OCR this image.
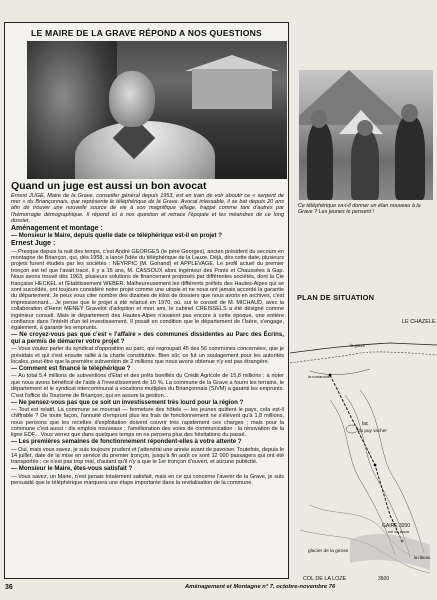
LE MAIRE DE LA GRAVE RÉPOND A NOS QUESTIONS

Quand un juge est aussi un bon avocat

Ernest JUGE, Maire de la Grave, conseiller général depuis 1953, est en train de voir aboutir ce « serpent de mer » du Briançonnais, que représente le téléphérique de la Grave. Avocat inlassable, il se bat depuis 20 ans afin de trouver une nouvelle source de vie à son magnifique village, frappé comme tant d'autres par l'hémorragie démographique. Il répond ici à nos question et retrace l'épopée et les méandres de ce long dossier.

Aménagement et montage :

— Monsieur le Maire, depuis quelle date ce téléphérique est-il en projet ?

Ernest Juge :

— Presque depuis la nuit des temps, c'est André GEORGES (le père Georges), ancien président du secours en montagne de Briançon, qui, dès 1958, a lancé l'idée du téléphérique de la Lauze. Déjà, dès cette date, plusieurs projets furent étudiés par les sociétés : NEYRPIC (M. Goirand) et APPLEVAGE. Le profil actuel du premier tronçon est tel que l'avait tracé, il y a 15 ans, M. CASSOUX alors ingénieur des Ponts et Chaussées à Gap. Nous avons trouvé dès 1963, plusieurs solutions de financement proposés par différentes sociétés, dont la Cie française HECKEL et l'Etablissement WEBER. Malheureusement les différents préfets des Hautes-Alpes qui se sont succédés, ont toujours considéré notre projet comme une utopie et ne nous ont jamais accordé la garantie du département. Je peux vous citer nombre des dizaines de kilos de dossiers que nous avons en archives, c'est impressionnant... Je pense que le projet a été relancé en 1970, où, sur le conseil de M. MICHAUD, avec la collaboration d'Henri MENEY Gravelot d'adoption et mon ami, le cabinet CREISSELS a été désigné comme ingénieur conseil. Mais le département des Hautes-Alpes n'avaient pas encore à cette époque, une entière confiance dans l'intérêt d'un tel investissement. Il posait en condition que le département de l'Isère, s'engage, également, à garantir les emprunts.

— Ne croyez-vous pas que c'est « l'affaire » des communes dissidentes au Parc des Écrins, qui a permis de démarrer votre projet ?

— Vous voulez parler du syndicat d'opposition au parc, qui regroupait 45 des 56 communes concernées, que je présidais et qui s'est ensuite rallié à la charte constitutive. Bien sûr, ce fut un soulagement pour les autorités locales, peut-être que la première subvention de 2 millions que nous avons obtenue n'y est pas étrangère.

— Comment est financé le téléphérique ?

— Au total 5,4 millions de subventions d'Etat et des prêts bonifiés du Crédit Agricole de 15,8 millions ; à noter que nous avons bénéficié de l'aide à l'investissement de 10 %. La commune de la Grave a fourni les terrains, le département et le syndicat intercommunal à vocations multiples du Briançonnais (SIVM) a garanti les emprunts. C'est l'office du Tourisme de Briançon, qui en assure la gestion...

— Ne pensez-vous pas que ce soit un investissement très lourd pour la région ?

— Tout est relatif. La commune se mourrait — fermeture des hôtels — les jeunes quittent le pays, cela est-il chiffrable ? De toute façon, l'annuité d'emprunt plus les frais de fonctionnement ne s'élèvent qu'à 1,8 millions, nous pensons que les recettes d'exploitation doivent couvrir très rapidement ces charges ; mais pour la commune c'est aussi : dix emplois nouveaux ; l'amélioration des voies de communication : la rénovation de la ligne EDF... Vous verrez que dans quelques temps on ne pensera plus des hésitations du passé.

— Les premières semaines de fonctionnement répondent-elles à votre attente ?

— Oui, mais vous savez, je suis toujours prudent et j'attendrai une année avant de pavoiser. Toutefois, depuis le 14 juillet, date de la mise en service du premier tronçon, jusqu'à fin août ce sont 12 000 passagers qui ont été transportés ; ce n'est pas trop mal, d'autant qu'il n'y a que le 1er tronçon d'ouvert, et aucune publicité.

— Monsieur le Maire, êtes-vous satisfait ?

— Vous savez, un Maire, n'est jamais totalement satisfait, mais en ce qui concerne l'avenir de la Grave, je suis persuadé que le téléphérique marquera une étape importante dans la revitalisation de la commune.

Ce téléphérique va-t-il donner un élan nouveau à la Grave ? Les jeunes le pensent !
PLAN DE SITUATION
LE CHAZELE
la grave
la romanche
lac
du puy vacher
GAIRE 3200
col de lauze
glacier de la girose
COL DE LA LOZE	3600
la râteau
36	Aménagement et Montagne n° 7, octobre-novembre 76
